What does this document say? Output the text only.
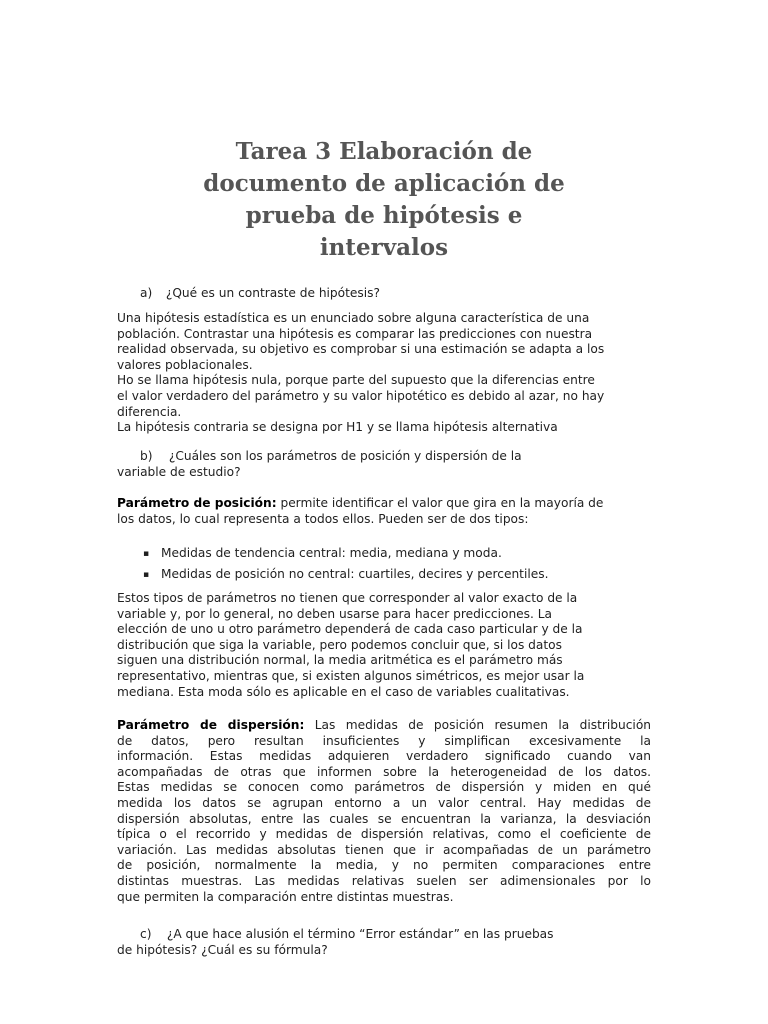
Tarea 3 Elaboración de
documento de aplicación de
prueba de hipótesis e
intervalos

a) ¿Qué es un contraste de hipótesis?

Una hipótesis estadística es un enunciado sobre alguna característica de una
población. Contrastar una hipótesis es comparar las predicciones con nuestra
realidad observada, su objetivo es comprobar si una estimación se adapta a los
valores poblacionales.
Ho se llama hipótesis nula, porque parte del supuesto que la diferencias entre
el valor verdadero del parámetro y su valor hipotético es debido al azar, no hay
diferencia.
La hipótesis contraria se designa por H1 y se llama hipótesis alternativa
b) ¿Cuáles son los parámetros de posición y dispersión de la
variable de estudio?
Parámetro de posición: permite identificar el valor que gira en la mayoría de
los datos, lo cual representa a todos ellos. Pueden ser de dos tipos:
▪ Medidas de tendencia central: media, mediana y moda.
▪ Medidas de posición no central: cuartiles, decires y percentiles.
Estos tipos de parámetros no tienen que corresponder al valor exacto de la
variable y, por lo general, no deben usarse para hacer predicciones. La
elección de uno u otro parámetro dependerá de cada caso particular y de la
distribución que siga la variable, pero podemos concluir que, si los datos
siguen una distribución normal, la media aritmética es el parámetro más
representativo, mientras que, si existen algunos simétricos, es mejor usar la
mediana. Esta moda sólo es aplicable en el caso de variables cualitativas.
Parámetro de dispersión: Las medidas de posición resumen la distribución
de datos, pero resultan insuficientes y simplifican excesivamente la
información. Estas medidas adquieren verdadero significado cuando van
acompañadas de otras que informen sobre la heterogeneidad de los datos.
Estas medidas se conocen como parámetros de dispersión y miden en qué
medida los datos se agrupan entorno a un valor central. Hay medidas de
dispersión absolutas, entre las cuales se encuentran la varianza, la desviación
típica o el recorrido y medidas de dispersión relativas, como el coeficiente de
variación. Las medidas absolutas tienen que ir acompañadas de un parámetro
de posición, normalmente la media, y no permiten comparaciones entre
distintas muestras. Las medidas relativas suelen ser adimensionales por lo
que permiten la comparación entre distintas muestras.
c) ¿A que hace alusión el término “Error estándar” en las pruebas
de hipótesis? ¿Cuál es su fórmula?
